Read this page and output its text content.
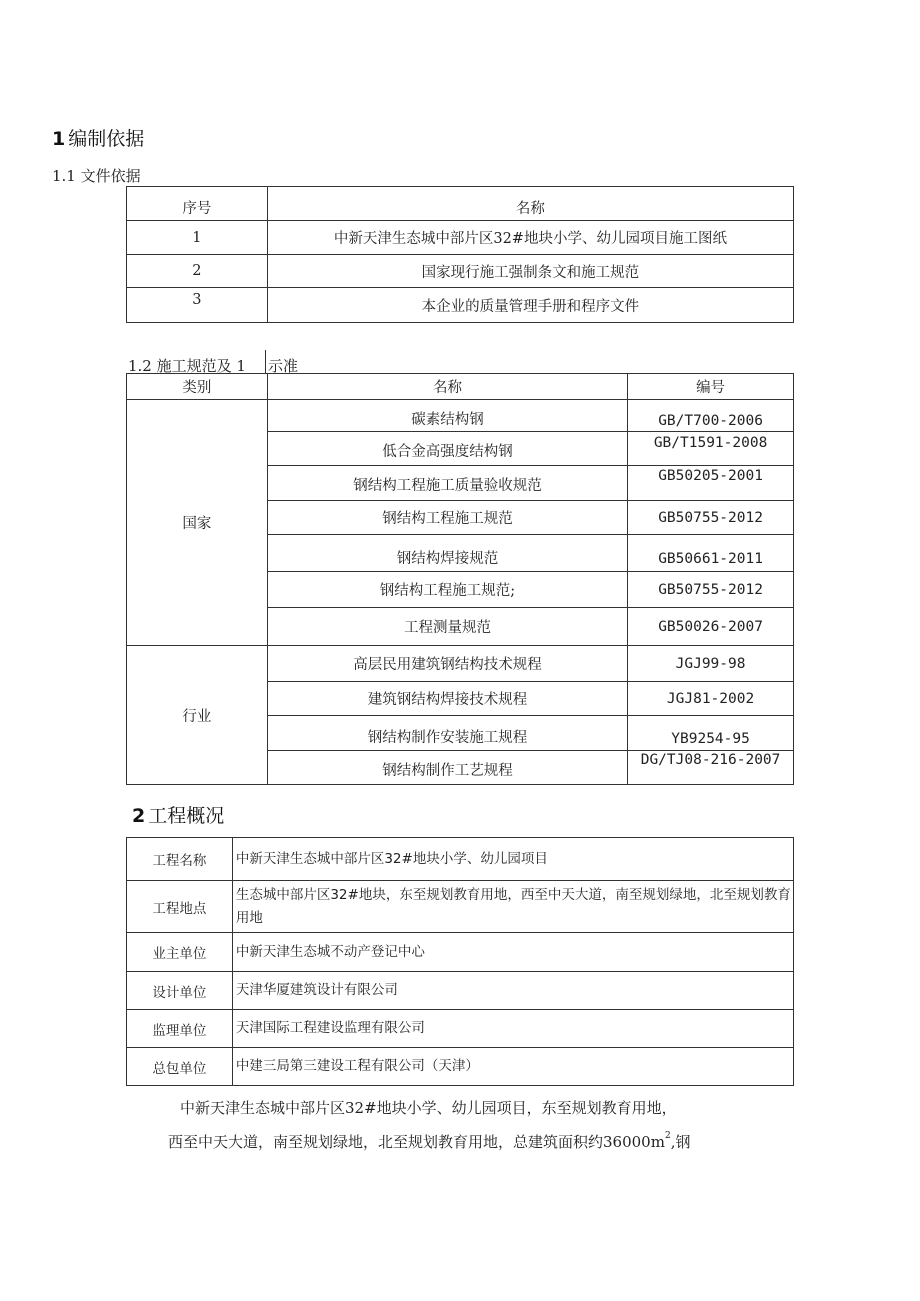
1 编制依据
1.1 文件依据
序号	名称
1	中新天津生态城中部片区32#地块小学、幼儿园项目施工图纸
2	国家现行施工强制条文和施工规范
3	本企业的质量管理手册和程序文件
1.2 施工规范及 1 示准
类别	名称	编号
国家	碳素结构钢	GB/T700-2006
	低合金高强度结构钢	GB/T1591-2008
	钢结构工程施工质量验收规范	GB50205-2001
	钢结构工程施工规范	GB50755-2012
	钢结构焊接规范	GB50661-2011
	钢结构工程施工规范;	GB50755-2012
	工程测量规范	GB50026-2007
行业	高层民用建筑钢结构技术规程	JGJ99-98
	建筑钢结构焊接技术规程	JGJ81-2002
	钢结构制作安装施工规程	YB9254-95
	钢结构制作工艺规程	DG/TJ08-216-2007
2 工程概况
工程名称	中新天津生态城中部片区32#地块小学、幼儿园项目
工程地点	生态城中部片区32#地块，东至规划教育用地，西至中天大道，南至规划绿地，北至规划教育用地
业主单位	中新天津生态城不动产登记中心
设计单位	天津华厦建筑设计有限公司
监理单位	天津国际工程建设监理有限公司
总包单位	中建三局第三建设工程有限公司（天津）
中新天津生态城中部片区32#地块小学、幼儿园项目，东至规划教育用地，
西至中天大道，南至规划绿地，北至规划教育用地，总建筑面积约$36000m^2$,钢
